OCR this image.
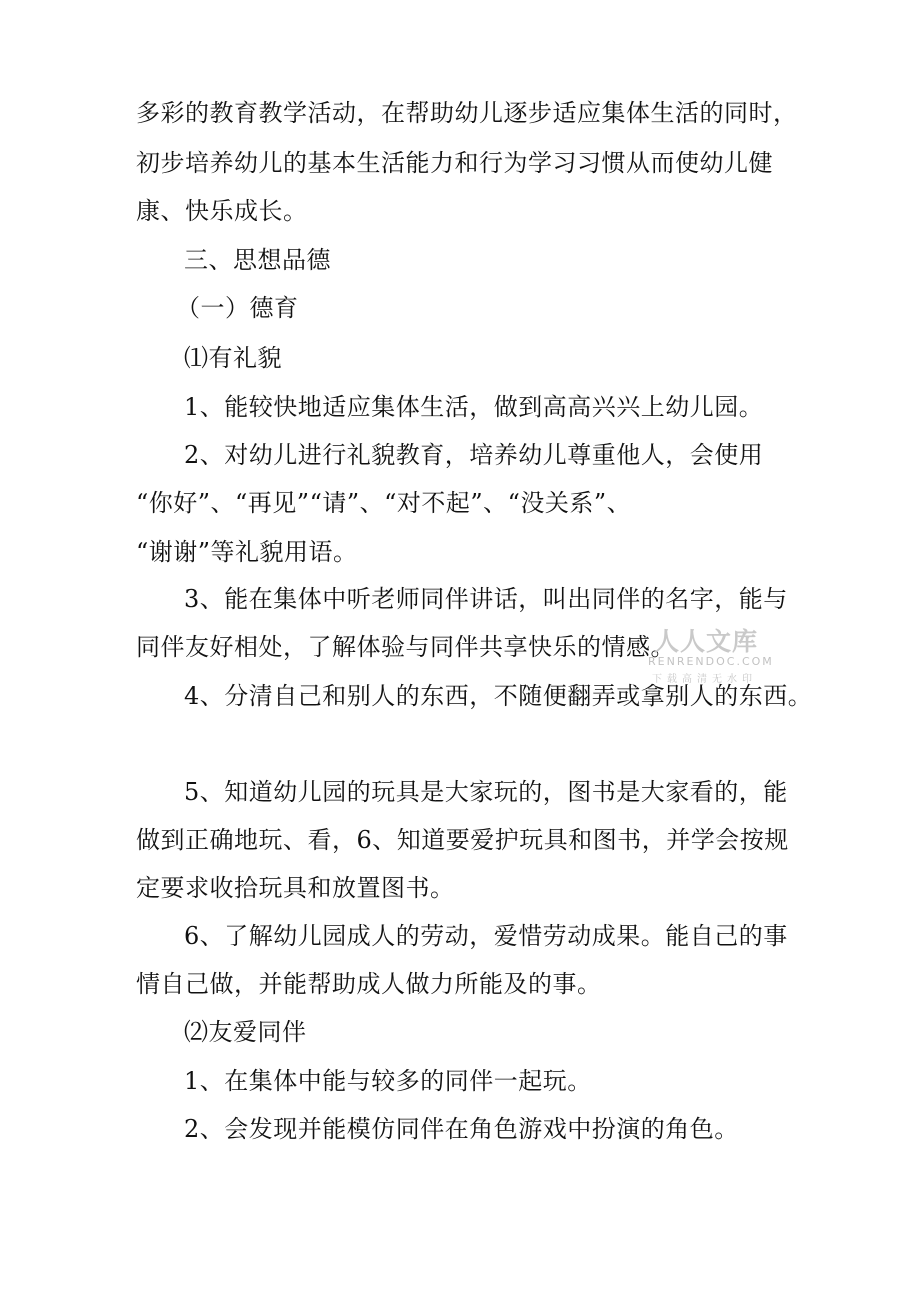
多彩的教育教学活动，在帮助幼儿逐步适应集体生活的同时，
初步培养幼儿的基本生活能力和行为学习习惯从而使幼儿健
康、快乐成长。
三、思想品德
（一）德育
⑴有礼貌
1、能较快地适应集体生活，做到高高兴兴上幼儿园。
2、对幼儿进行礼貌教育，培养幼儿尊重他人，会使用
“你好”、“再见”“请”、“对不起”、“没关系”、
“谢谢”等礼貌用语。
3、能在集体中听老师同伴讲话，叫出同伴的名字，能与
同伴友好相处，了解体验与同伴共享快乐的情感。
4、分清自己和别人的东西，不随便翻弄或拿别人的东西。
5、知道幼儿园的玩具是大家玩的，图书是大家看的，能
做到正确地玩、看，6、知道要爱护玩具和图书，并学会按规
定要求收拾玩具和放置图书。
6、了解幼儿园成人的劳动，爱惜劳动成果。能自己的事
情自己做，并能帮助成人做力所能及的事。
⑵友爱同伴
1、在集体中能与较多的同伴一起玩。
2、会发现并能模仿同伴在角色游戏中扮演的角色。
人人文库
RENRENDOC.COM
下载高清无水印
